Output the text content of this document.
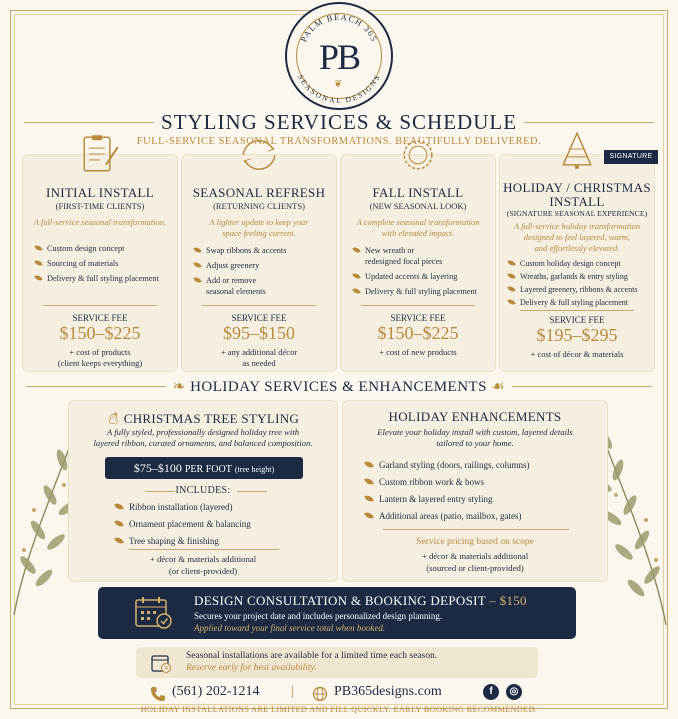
PALM BEACH 365
SEASONAL DESIGNS
PB
❦
STYLING SERVICES & SCHEDULE
FULL-SERVICE SEASONAL TRANSFORMATIONS. BEAUTIFULLY DELIVERED.
INITIAL INSTALL
(FIRST-TIME CLIENTS)
A full-service seasonal transformation.
Custom design concept
Sourcing of materials
Delivery & full styling placement
SERVICE FEE
$150–$225
+ cost of products
(client keeps everything)
SEASONAL REFRESH
(RETURNING CLIENTS)
A lighter update to keep your
space feeling current.
Swap ribbons & accents
Adjust greenery
Add or remove
seasonal elements
SERVICE FEE
$95–$150
+ any additional décor
as needed
FALL INSTALL
(NEW SEASONAL LOOK)
A complete seasonal transformation
with elevated impact.
New wreath or
redesigned focal pieces
Updated accents & layering
Delivery & full styling placement
SERVICE FEE
$150–$225
+ cost of new products
HOLIDAY / CHRISTMAS
INSTALL
(SIGNATURE SEASONAL EXPERIENCE)
A full-service holiday transformation
designed to feel layered, warm,
and effortlessly elevated.
Custom holiday design concept
Wreaths, garlands & entry styling
Layered greenery, ribbons & accents
Delivery & full styling placement
SERVICE FEE
$195–$295
+ cost of décor & materials
SIGNATURE
❧ HOLIDAY SERVICES & ENHANCEMENTS ☙
⛄︎ CHRISTMAS TREE STYLING
A fully styled, professionally designed holiday tree with
layered ribbon, curated ornaments, and balanced composition.
$75–$100 PER FOOT (tree height)
INCLUDES:
Ribbon installation (layered)
Ornament placement & balancing
Tree shaping & finishing
+ décor & materials additional
(or client-provided)
HOLIDAY ENHANCEMENTS
Elevate your holiday install with custom, layered details
tailored to your home.
Garland styling (doors, railings, columns)
Custom ribbon work & bows
Lantern & layered entry styling
Additional areas (patio, mailbox, gates)
Service pricing based on scope
+ décor & materials additional
(sourced or client-provided)
DESIGN CONSULTATION & BOOKING DEPOSIT – $150
Secures your project date and includes personalized design planning.
Applied toward your final service total when booked.
Seasonal installations are available for a limited time each season.
Reserve early for best availability.
(561) 202-1214 |	PB365designs.com	f	◎
HOLIDAY INSTALLATIONS ARE LIMITED AND FILL QUICKLY. EARLY BOOKING RECOMMENDED.
